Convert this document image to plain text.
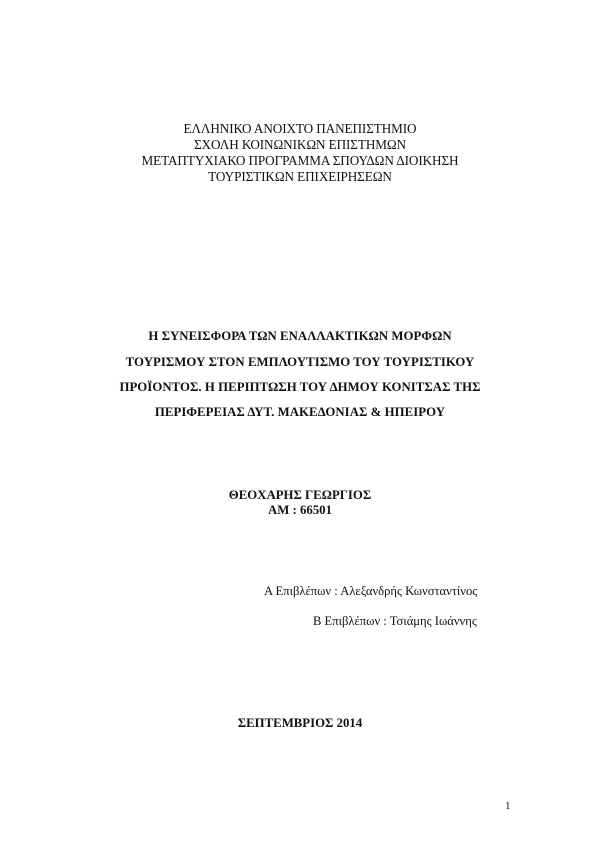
ΕΛΛΗΝΙΚΟ ΑΝΟΙΧΤΟ ΠΑΝΕΠΙΣΤΗΜΙΟ
ΣΧΟΛΗ ΚΟΙΝΩΝΙΚΩΝ ΕΠΙΣΤΗΜΩΝ
ΜΕΤΑΠΤΥΧΙΑΚΟ ΠΡΟΓΡΑΜΜΑ ΣΠΟΥΔΩΝ ΔΙΟΙΚΗΣΗ
ΤΟΥΡΙΣΤΙΚΩΝ ΕΠΙΧΕΙΡΗΣΕΩΝ
Η ΣΥΝΕΙΣΦΟΡΑ ΤΩΝ ΕΝΑΛΛΑΚΤΙΚΩΝ ΜΟΡΦΩΝ
ΤΟΥΡΙΣΜΟΥ ΣΤΟΝ ΕΜΠΛΟΥΤΙΣΜΟ ΤΟΥ ΤΟΥΡΙΣΤΙΚΟΥ
ΠΡΟΪΟΝΤΟΣ. Η ΠΕΡΙΠΤΩΣΗ ΤΟΥ ΔΗΜΟΥ ΚΟΝΙΤΣΑΣ ΤΗΣ
ΠΕΡΙΦΕΡΕΙΑΣ ΔΥΤ. ΜΑΚΕΔΟΝΙΑΣ & ΗΠΕΙΡΟΥ
ΘΕΟΧΑΡΗΣ ΓΕΩΡΓΙΟΣ
ΑΜ : 66501
Α Επιβλέπων : Αλεξανδρής Κωνσταντίνος
Β Επιβλέπων : Τσιάμης Ιωάννης
ΣΕΠΤΕΜΒΡΙΟΣ 2014
1
